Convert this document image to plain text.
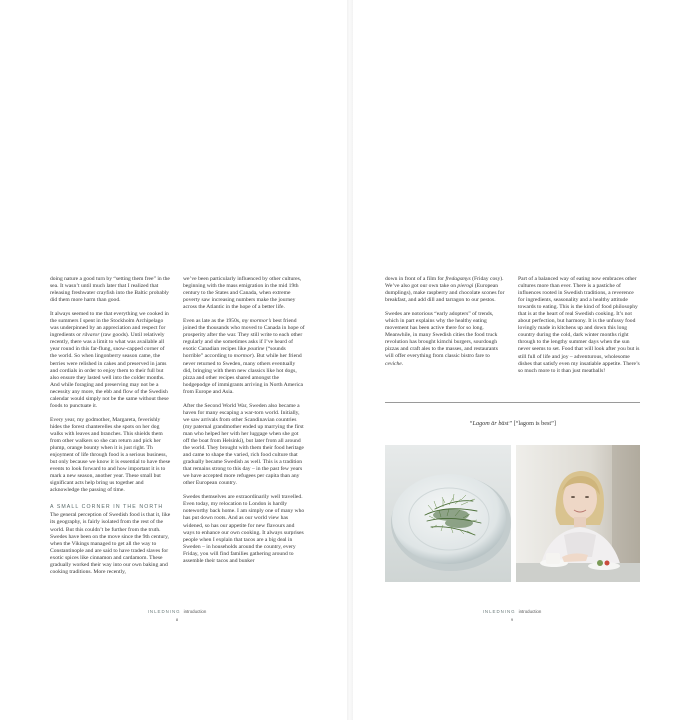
doing nature a good turn by “setting them free” in the sea. It wasn’t until much later that I realized that releasing freshwater crayfish into the Baltic probably did them more harm than good.

It always seemed to me that everything we cooked in the summers I spent in the Stockholm Archipelago was underpinned by an appreciation and respect for ingredients or råvaror (raw goods). Until relatively recently, there was a limit to what was available all year round in this far-flung, snow-capped corner of the world. So when lingonberry season came, the berries were relished in cakes and preserved in jams and cordials in order to enjoy them to their full but also ensure they lasted well into the colder months. And while foraging and preserving may not be a necessity any more, the ebb and flow of the Swedish calendar would simply not be the same without these foods to punctuate it.

Every year, my godmother, Margareta, feverishly hides the forest chanterelles she spots on her dog walks with leaves and branches. This shields them from other walkers so she can return and pick her plump, orange bounty when it is just right. Th enjoyment of life through food is a serious business, but only because we know it is essential to have these events to look forward to and how important it is to mark a new season, another year. These small but significant acts help bring us together and acknowledge the passing of time.

A SMALL CORNER IN THE NORTH

The general perception of Swedish food is that it, like its geography, is fairly isolated from the rest of the world. But this couldn’t be further from the truth. Swedes have been on the move since the 9th century, when the Vikings managed to get all the way to Constantinople and are said to have traded slaves for exotic spices like cinnamon and cardamom. These gradually worked their way into our own baking and cooking traditions. More recently,

we’ve been particularly influenced by other cultures, beginning with the mass emigration in the mid 19th century to the States and Canada, when extreme poverty saw increasing numbers make the journey across the Atlantic in the hope of a better life.

Even as late as the 1950s, my mormor’s best friend joined the thousands who moved to Canada in hope of prosperity after the war. They still write to each other regularly and she sometimes asks if I’ve heard of exotic Canadian recipes like poutine (“sounds horrible” according to mormor). But while her friend never returned to Sweden, many others eventually did, bringing with them new classics like hot dogs, pizza and other recipes shared amongst the hodgepodge of immigrants arriving in North America from Europe and Asia.

After the Second World War, Sweden also became a haven for many escaping a war-torn world. Initially, we saw arrivals from other Scandinavian countries (my paternal grandmother ended up marrying the first man who helped her with her luggage when she got off the boat from Helsinki), but later from all around the world. They brought with them their food heritage and came to shape the varied, rich food culture that gradually became Swedish as well. This is a tradition that remains strong to this day – in the past few years we have accepted more refugees per capita than any other European country.

Swedes themselves are extraordinarily well travelled. Even today, my relocation to London is hardly noteworthy back home. I am simply one of many who has put down roots. And as our world view has widened, so has our appetite for new flavours and ways to enhance our own cooking. It always surprises people when I explain that tacos are a big deal in Sweden – in households around the country, every Friday, you will find families gathering around to assemble their tacos and bunker

INLEDNING introduction
8

down in front of a film for fredagsmys (Friday cosy). We’ve also got our own take on pierogi (European dumplings), make raspberry and chocolate scones for breakfast, and add dill and tarragon to our pestos.

Swedes are notorious “early adopters” of trends, which in part explains why the healthy eating movement has been active there for so long. Meanwhile, in many Swedish cities the food truck revolution has brought kimchi burgers, sourdough pizzas and craft ales to the masses, and restaurants will offer everything from classic bistro fare to ceviche.

Part of a balanced way of eating now embraces other cultures more than ever. There is a pastiche of influences rooted in Swedish traditions, a reverence for ingredients, seasonality and a healthy attitude towards to eating. This is the kind of food philosophy that is at the heart of real Swedish cooking. It’s not about perfection, but harmony. It is the unfussy food lovingly made in kitchens up and down this long country during the cold, dark winter months right through to the lengthy summer days when the sun never seems to set. Food that will look after you but is still full of life and joy – adventurous, wholesome dishes that satisfy even my insatiable appetite. There’s so much more to it than just meatballs!

“Lagom är bäst” [“lagom is best”]
INLEDNING introduction
9
